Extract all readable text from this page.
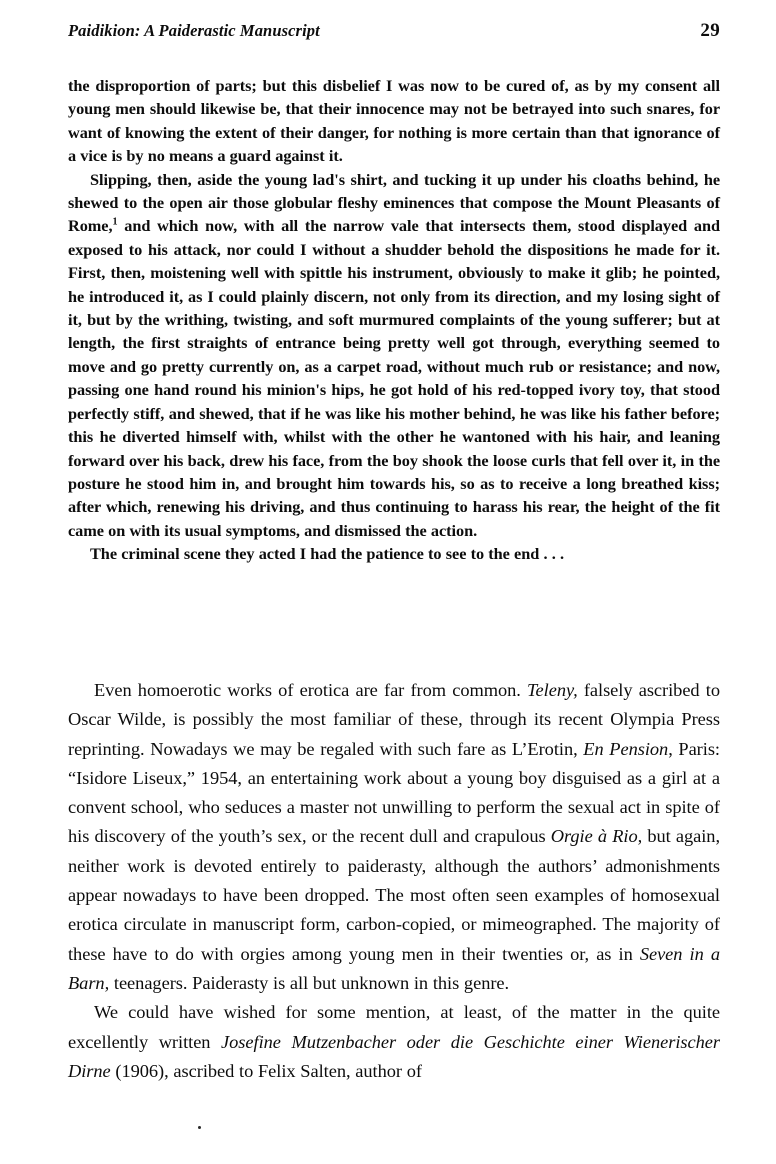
Paidikion: A Paiderastic Manuscript	29

the disproportion of parts; but this disbelief I was now to be cured of, as by my consent all young men should likewise be, that their innocence may not be betrayed into such snares, for want of knowing the extent of their danger, for nothing is more certain than that ignorance of a vice is by no means a guard against it.

Slipping, then, aside the young lad's shirt, and tucking it up under his cloaths behind, he shewed to the open air those globular fleshy eminences that compose the Mount Pleasants of Rome,$^1$ and which now, with all the narrow vale that intersects them, stood displayed and exposed to his attack, nor could I without a shudder behold the dispositions he made for it. First, then, moistening well with spittle his instrument, obviously to make it glib; he pointed, he introduced it, as I could plainly discern, not only from its direction, and my losing sight of it, but by the writhing, twisting, and soft murmured complaints of the young sufferer; but at length, the first straights of entrance being pretty well got through, everything seemed to move and go pretty currently on, as a carpet road, without much rub or resistance; and now, passing one hand round his minion's hips, he got hold of his red-topped ivory toy, that stood perfectly stiff, and shewed, that if he was like his mother behind, he was like his father before; this he diverted himself with, whilst with the other he wantoned with his hair, and leaning forward over his back, drew his face, from the boy shook the loose curls that fell over it, in the posture he stood him in, and brought him towards his, so as to receive a long breathed kiss; after which, renewing his driving, and thus continuing to harass his rear, the height of the fit came on with its usual symptoms, and dismissed the action.

The criminal scene they acted I had the patience to see to the end . . .

Even homoerotic works of erotica are far from common. Teleny, falsely ascribed to Oscar Wilde, is possibly the most familiar of these, through its recent Olympia Press reprinting. Nowadays we may be regaled with such fare as L’Erotin, En Pension, Paris: “Isidore Liseux,” 1954, an entertaining work about a young boy disguised as a girl at a convent school, who seduces a master not unwilling to perform the sexual act in spite of his discovery of the youth’s sex, or the recent dull and crapulous Orgie à Rio, but again, neither work is devoted entirely to paiderasty, although the authors’ admonishments appear nowadays to have been dropped. The most often seen examples of homosexual erotica circulate in manuscript form, carbon-copied, or mimeographed. The majority of these have to do with orgies among young men in their twenties or, as in Seven in a Barn, teenagers. Paiderasty is all but unknown in this genre.

We could have wished for some mention, at least, of the matter in the quite excellently written Josefine Mutzenbacher oder die Geschichte einer Wienerischer Dirne (1906), ascribed to Felix Salten, author of
